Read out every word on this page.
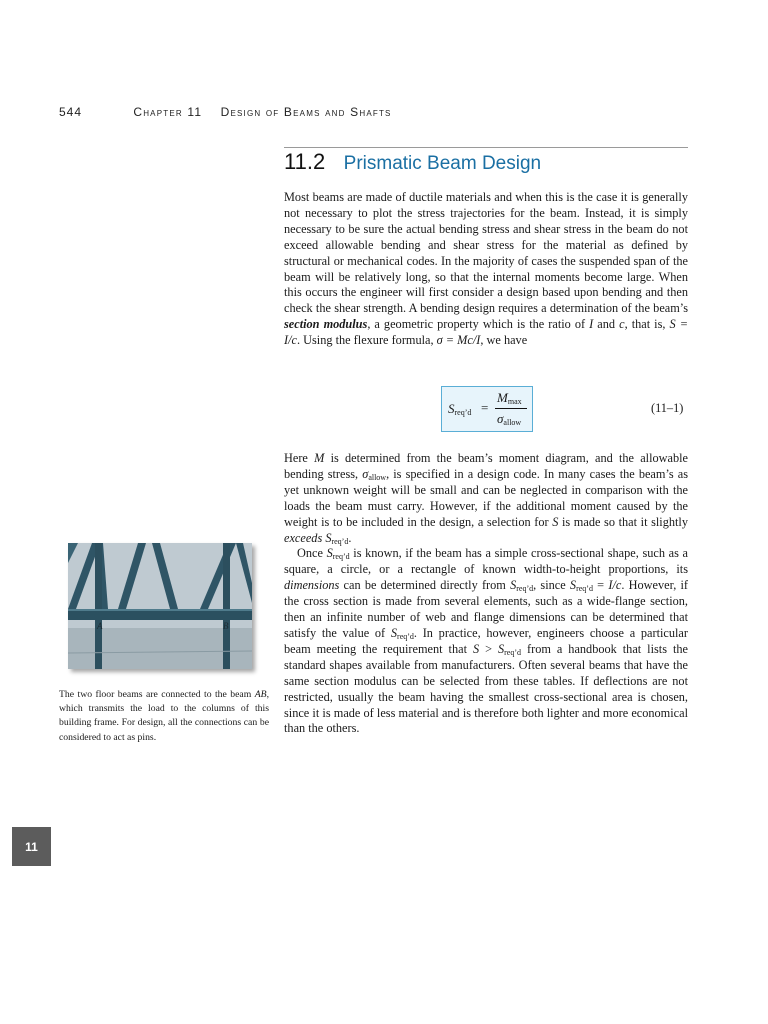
544	Chapter 11 Design of Beams and Shafts
11.2 Prismatic Beam Design

Most beams are made of ductile materials and when this is the case it is generally not necessary to plot the stress trajectories for the beam. Instead, it is simply necessary to be sure the actual bending stress and shear stress in the beam do not exceed allowable bending and shear stress for the material as defined by structural or mechanical codes. In the majority of cases the suspended span of the beam will be relatively long, so that the internal moments become large. When this occurs the engineer will first consider a design based upon bending and then check the shear strength. A bending design requires a determination of the beam’s section modulus, a geometric property which is the ratio of I and c, that is, S = I/c. Using the flexure formula, σ = Mc/I, we have

$S_{req’d}$ =
$M_{max}$
$\sigma_{allow}$
(11–1)

Here M is determined from the beam’s moment diagram, and the allowable bending stress, $\sigma_{allow}$, is specified in a design code. In many cases the beam’s as yet unknown weight will be small and can be neglected in comparison with the loads the beam must carry. However, if the additional moment caused by the weight is to be included in the design, a selection for S is made so that it slightly exceeds $S_{req’d}$.

Once $S_{req’d}$ is known, if the beam has a simple cross-sectional shape, such as a square, a circle, or a rectangle of known width-to-height proportions, its dimensions can be determined directly from $S_{req’d}$, since $S_{req’d} = I/c$. However, if the cross section is made from several elements, such as a wide-flange section, then an infinite number of web and flange dimensions can be determined that satisfy the value of $S_{req’d}$. In practice, however, engineers choose a particular beam meeting the requirement that $S > S_{req’d}$ from a handbook that lists the standard shapes available from manufacturers. Often several beams that have the same section modulus can be selected from these tables. If deflections are not restricted, usually the beam having the smallest cross-sectional area is chosen, since it is made of less material and is therefore both lighter and more economical than the others.

A	B

The two floor beams are connected to the beam AB, which transmits the load to the columns of this building frame. For design, all the connections can be considered to act as pins.

11
